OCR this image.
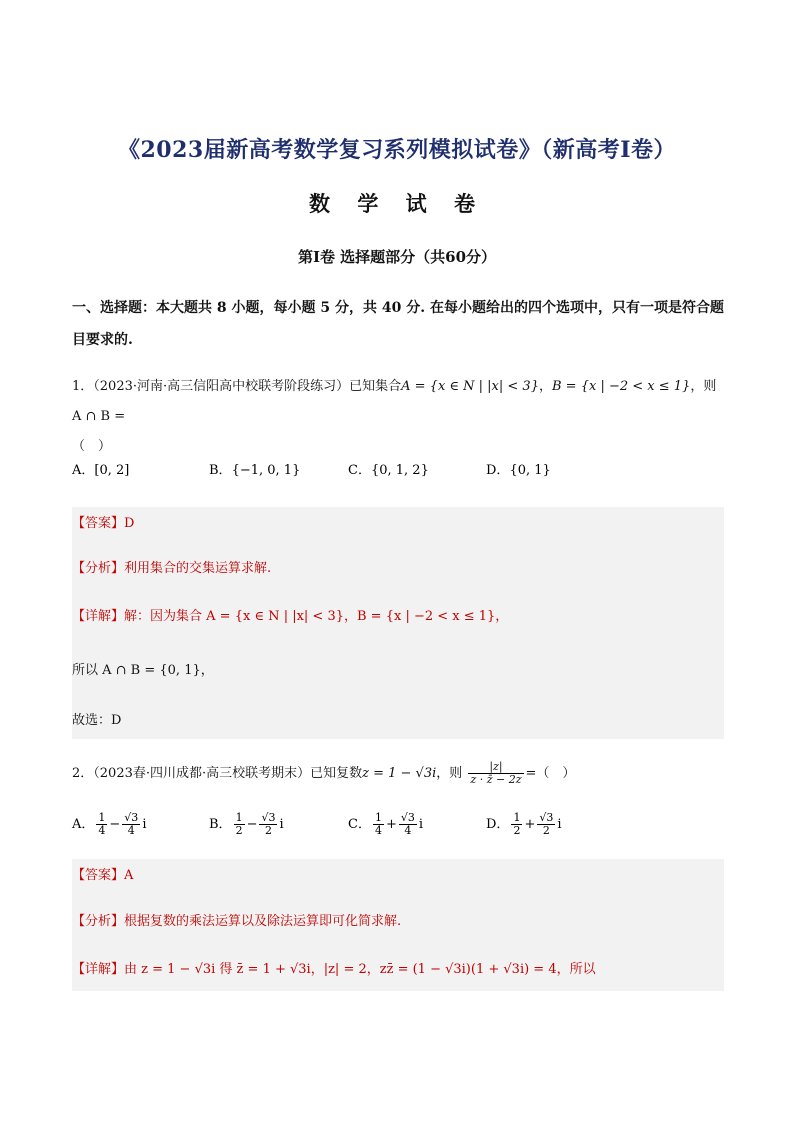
《2023届新高考数学复习系列模拟试卷》（新高考I卷）
数 学 试 卷
第Ⅰ卷 选择题部分（共60分）
一、选择题：本大题共 8 小题，每小题 5 分，共 40 分. 在每小题给出的四个选项中，只有一项是符合题目要求的.
1．（2023·河南·高三信阳高中校联考阶段练习）已知集合A = {x ∈ N | |x| < 3}，B = {x | −2 < x ≤ 1}，则 A ∩ B =
（　）
A．[0, 2]	B．{−1, 0, 1}	C．{0, 1, 2}	D．{0, 1}
【答案】D
【分析】利用集合的交集运算求解.
【详解】解：因为集合 A = {x ∈ N | |x| < 3}，B = {x | −2 < x ≤ 1}，
所以 A ∩ B = {0, 1}，
故选：D
2．（2023春·四川成都·高三校联考期末）已知复数z = 1 − √3i，则 $\frac{|z|}{z \cdot z̄ - 2z}$ =（　）
A． $\frac{1}{4} - \frac{√3}{4}$ i	B． $\frac{1}{2} - \frac{√3}{2}$ i	C． $\frac{1}{4} + \frac{√3}{4}$ i	D． $\frac{1}{2} + \frac{√3}{2}$ i
【答案】A
【分析】根据复数的乘法运算以及除法运算即可化简求解.
【详解】由 z = 1 − √3i 得 z̄ = 1 + √3i，|z| = 2，zz̄ = (1 − √3i)(1 + √3i) = 4，所以
